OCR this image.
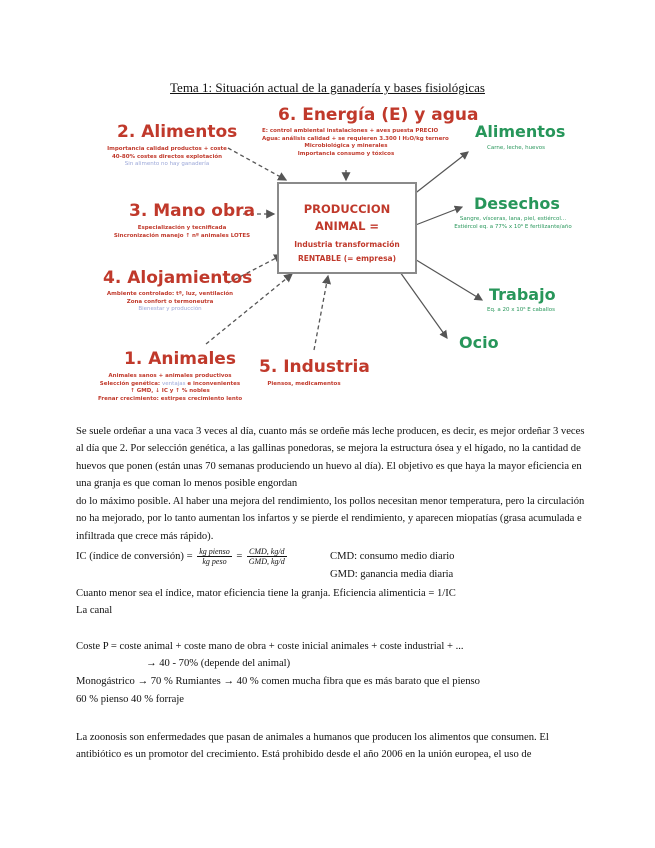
Tema 1: Situación actual de la ganadería y bases fisiológicas
PRODUCCION
ANIMAL =
Industria transformación
RENTABLE (= empresa)
2. Alimentos
Importancia calidad productos + coste
40-80% costes directos explotación
Sin alimento no hay ganadería
3. Mano obra
Especialización y tecnificada
Sincronización manejo ↑ nº animales LOTES
4. Alojamientos
Ambiente controlado: tª, luz, ventilación
Zona confort o termoneutra
Bienestar y producción
1. Animales
Animales sanos + animales productivos
Selección genética: ventajas e inconvenientes
↑ GMD, ↓ IC y ↑ % nobles
Frenar crecimiento: estirpes crecimiento lento
5. Industria
Piensos, medicamentos
6. Energía (E) y agua
E: control ambiental instalaciones + aves puesta PRECIO
Agua: análisis calidad + se requieren 3.300 l H₂O/kg ternero
Microbiológica y minerales
Importancia consumo y tóxicos
Alimentos
Carne, leche, huevos
Desechos
Sangre, vísceras, lana, piel, estiércol...
Estiércol eq. a 77% x 10⁶ E fertilizante/año
Trabajo
Eq. a 20 x 10⁶ E caballos
Ocio
Se suele ordeñar a una vaca 3 veces al día, cuanto más se ordeñe más leche producen, es decir, es mejor ordeñar 3 veces al día que 2. Por selección genética, a las gallinas ponedoras, se mejora la estructura ósea y el hígado, no la cantidad de huevos que ponen (están unas 70 semanas produciendo un huevo al día). El objetivo es que haya la mayor eficiencia en una granja es que coman lo menos posible engordan
do lo máximo posible. Al haber una mejora del rendimiento, los pollos necesitan menor temperatura, pero la circulación no ha mejorado, por lo tanto aumentan los infartos y se pierde el rendimiento, y aparecen miopatías (grasa acumulada e infiltrada que crece más rápido).
IC (índice de conversión) = $\frac{\text{kg pienso}}{\text{kg peso}} = \frac{\text{CMD, kg/d}}{\text{GMD, kg/d}}$	CMD: consumo medio diario
GMD: ganancia media diaria
Cuanto menor sea el índice, mator eficiencia tiene la granja. Eficiencia alimenticia = 1/IC
La canal
Coste P = coste animal + coste mano de obra + coste inicial animales + coste industrial + ...
→ 40 - 70% (depende del animal)
Monogástrico → 70 % Rumiantes → 40 % comen mucha fibra que es más barato que el pienso
60 % pienso 40 % forraje
La zoonosis son enfermedades que pasan de animales a humanos que producen los alimentos que consumen. El antibiótico es un promotor del crecimiento. Está prohibido desde el año 2006 en la unión europea, el uso de
